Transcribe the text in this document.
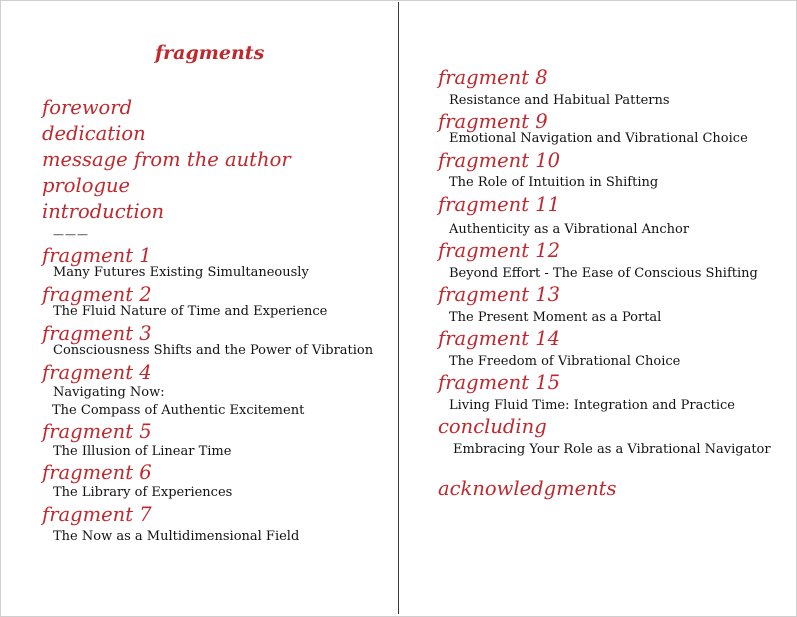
fragments
foreword
dedication
message from the author
prologue
introduction
———
fragment 1
Many Futures Existing Simultaneously
fragment 2
The Fluid Nature of Time and Experience
fragment 3
Consciousness Shifts and the Power of Vibration
fragment 4
Navigating Now:
The Compass of Authentic Excitement
fragment 5
The Illusion of Linear Time
fragment 6
The Library of Experiences
fragment 7
The Now as a Multidimensional Field
fragment 8
Resistance and Habitual Patterns
fragment 9
Emotional Navigation and Vibrational Choice
fragment 10
The Role of Intuition in Shifting
fragment 11
Authenticity as a Vibrational Anchor
fragment 12
Beyond Effort - The Ease of Conscious Shifting
fragment 13
The Present Moment as a Portal
fragment 14
The Freedom of Vibrational Choice
fragment 15
Living Fluid Time: Integration and Practice
concluding
Embracing Your Role as a Vibrational Navigator
acknowledgments
